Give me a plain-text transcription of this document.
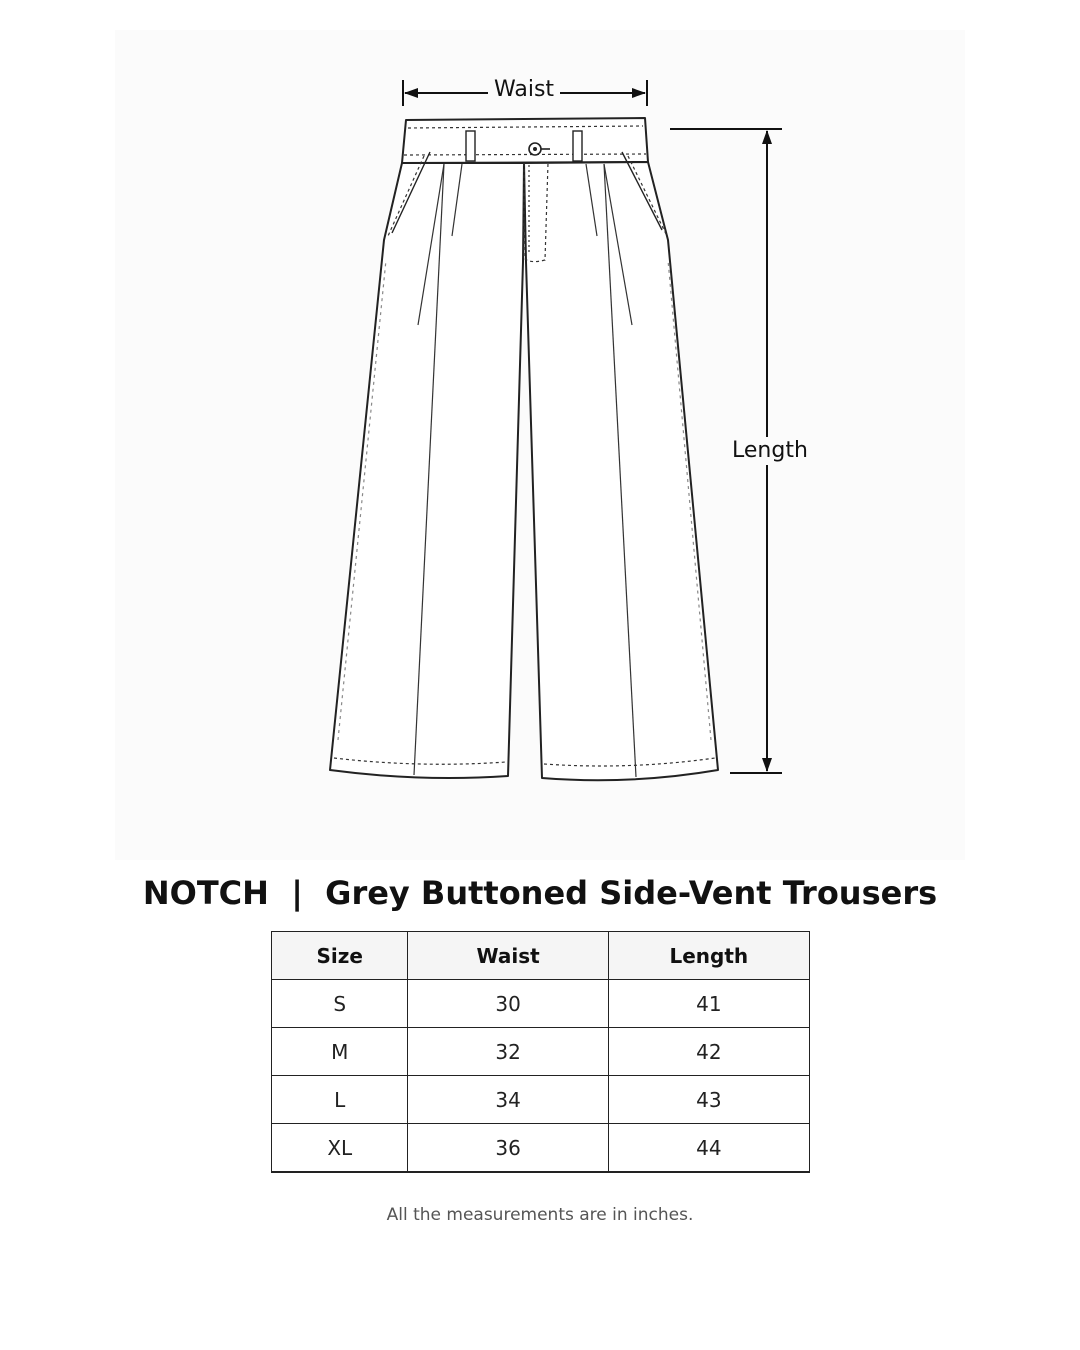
Waist
Length
NOTCH | Grey Buttoned Side-Vent Trousers
Size	Waist	Length
S	30	41
M	32	42
L	34	43
XL	36	44
All the measurements are in inches.
